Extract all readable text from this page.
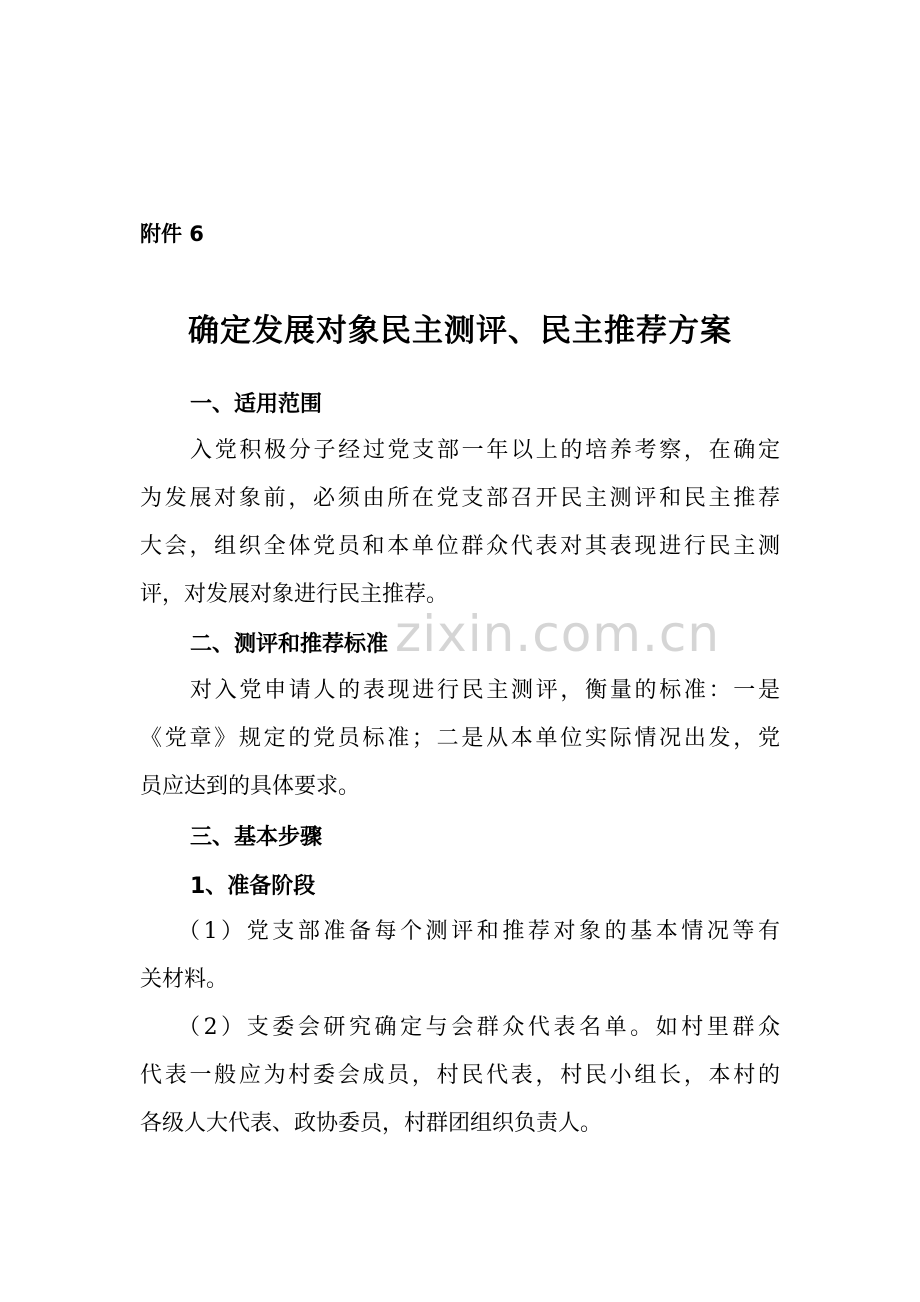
附件 6
确定发展对象民主测评、民主推荐方案
一、适用范围
入党积极分子经过党支部一年以上的培养考察，在确定
为发展对象前，必须由所在党支部召开民主测评和民主推荐
大会，组织全体党员和本单位群众代表对其表现进行民主测
评，对发展对象进行民主推荐。
二、测评和推荐标准
对入党申请人的表现进行民主测评，衡量的标准：一是
《党章》规定的党员标准；二是从本单位实际情况出发，党
员应达到的具体要求。
三、基本步骤
1、准备阶段
（1）党支部准备每个测评和推荐对象的基本情况等有
关材料。
（2）支委会研究确定与会群众代表名单。如村里群众
代表一般应为村委会成员，村民代表，村民小组长，本村的
各级人大代表、政协委员，村群团组织负责人。
zixin.com.cn
